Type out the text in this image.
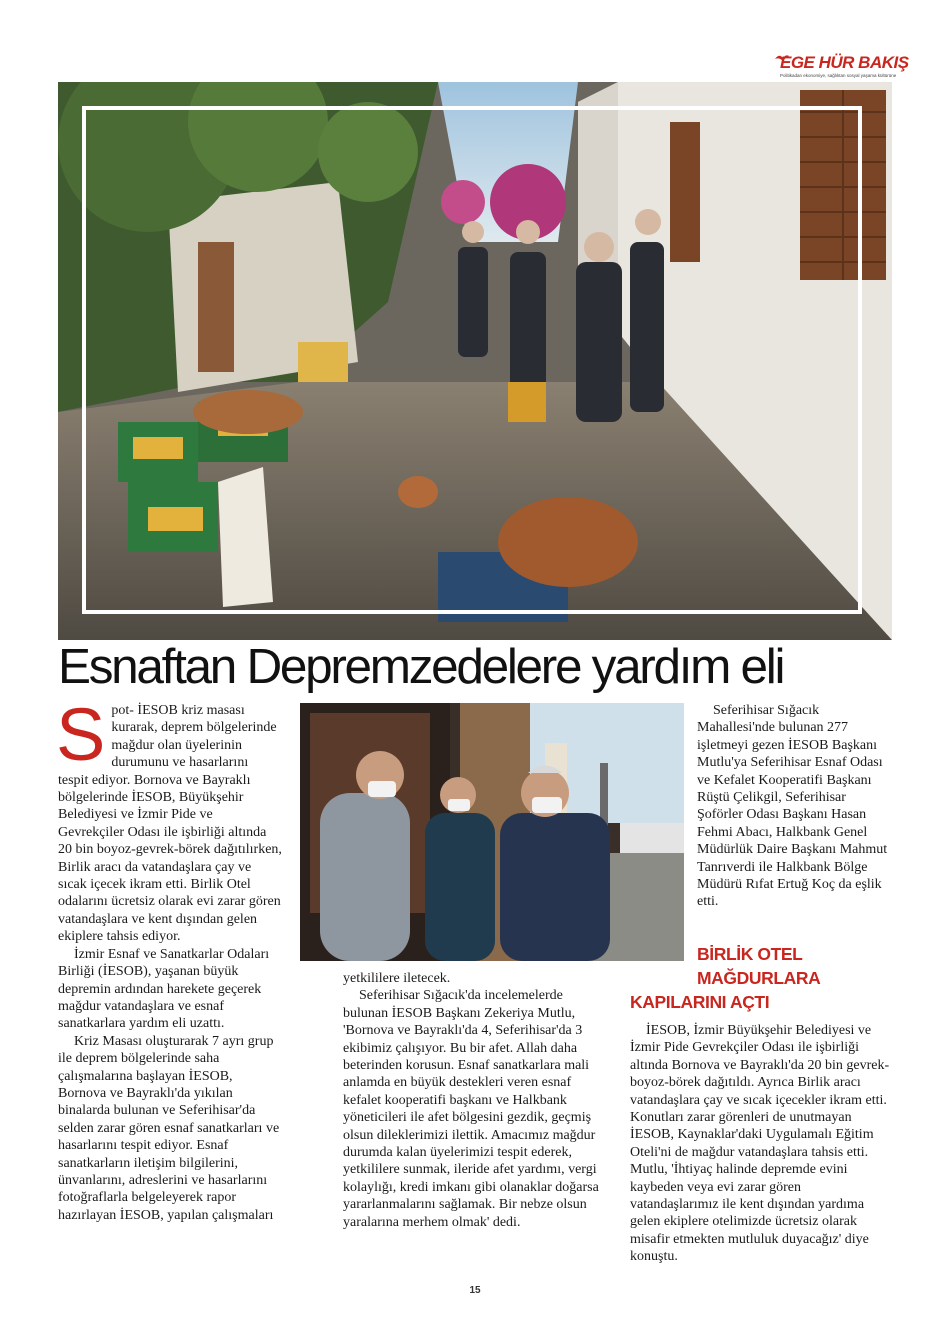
EGE HÜR BAKIŞ
Politikadan ekonomiye, sağlıktan sosyal yaşama kültürüne
Esnaftan Depremzedelere yardım eli

Spot- İESOB kriz masası kurarak, deprem bölgelerinde mağdur olan üyelerinin durumunu ve hasarlarını tespit ediyor. Bornova ve Bayraklı bölgelerinde İESOB, Büyükşehir Belediyesi ve İzmir Pide ve Gevrekçiler Odası ile işbirliği altında 20 bin boyoz-gevrek-börek dağıtılırken, Birlik aracı da vatandaşlara çay ve sıcak içecek ikram etti. Birlik Otel odalarını ücretsiz olarak evi zarar gören vatandaşlara ve kent dışından gelen ekiplere tahsis ediyor.

İzmir Esnaf ve Sanatkarlar Odaları Birliği (İESOB), yaşanan büyük depremin ardından harekete geçerek mağdur vatandaşlara ve esnaf sanatkarlara yardım eli uzattı.

Kriz Masası oluşturarak 7 ayrı grup ile deprem bölgelerinde saha çalışmalarına başlayan İESOB, Bornova ve Bayraklı'da yıkılan binalarda bulunan ve Seferihisar'da selden zarar gören esnaf sanatkarları ve hasarlarını tespit ediyor. Esnaf sanatkarların iletişim bilgilerini, ünvanlarını, adreslerini ve hasarlarını fotoğraflarla belgeleyerek rapor hazırlayan İESOB, yapılan çalışmaları

yetkililere iletecek.

Seferihisar Sığacık'da incelemelerde bulunan İESOB Başkanı Zekeriya Mutlu, 'Bornova ve Bayraklı'da 4, Seferihisar'da 3 ekibimiz çalışıyor. Bu bir afet. Allah daha beterinden korusun. Esnaf sanatkarlara mali anlamda en büyük destekleri veren esnaf kefalet kooperatifi başkanı ve Halkbank yöneticileri ile afet bölgesini gezdik, geçmiş olsun dileklerimizi ilettik. Amacımız mağdur durumda kalan üyelerimizi tespit ederek, yetkililere sunmak, ileride afet yardımı, vergi kolaylığı, kredi imkanı gibi olanaklar doğarsa yararlanmalarını sağlamak. Bir nebze olsun yaralarına merhem olmak' dedi.

Seferihisar Sığacık Mahallesi'nde bulunan 277 işletmeyi gezen İESOB Başkanı Mutlu'ya Seferihisar Esnaf Odası ve Kefalet Kooperatifi Başkanı Rüştü Çelikgil, Seferihisar Şoförler Odası Başkanı Hasan Fehmi Abacı, Halkbank Genel Müdürlük Daire Başkanı Mahmut Tanrıverdi ile Halkbank Bölge Müdürü Rıfat Ertuğ Koç da eşlik etti.

BİRLİK OTEL
MAĞDURLARA
KAPILARINI AÇTI

İESOB, İzmir Büyükşehir Belediyesi ve İzmir Pide Gevrekçiler Odası ile işbirliği altında Bornova ve Bayraklı'da 20 bin gevrek-boyoz-börek dağıtıldı. Ayrıca Birlik aracı vatandaşlara çay ve sıcak içecekler ikram etti. Konutları zarar görenleri de unutmayan İESOB, Kaynaklar'daki Uygulamalı Eğitim Oteli'ni de mağdur vatandaşlara tahsis etti. Mutlu, 'İhtiyaç halinde depremde evini kaybeden veya evi zarar gören vatandaşlarımız ile kent dışından yardıma gelen ekiplere otelimizde ücretsiz olarak misafir etmekten mutluluk duyacağız' diye konuştu.

15
